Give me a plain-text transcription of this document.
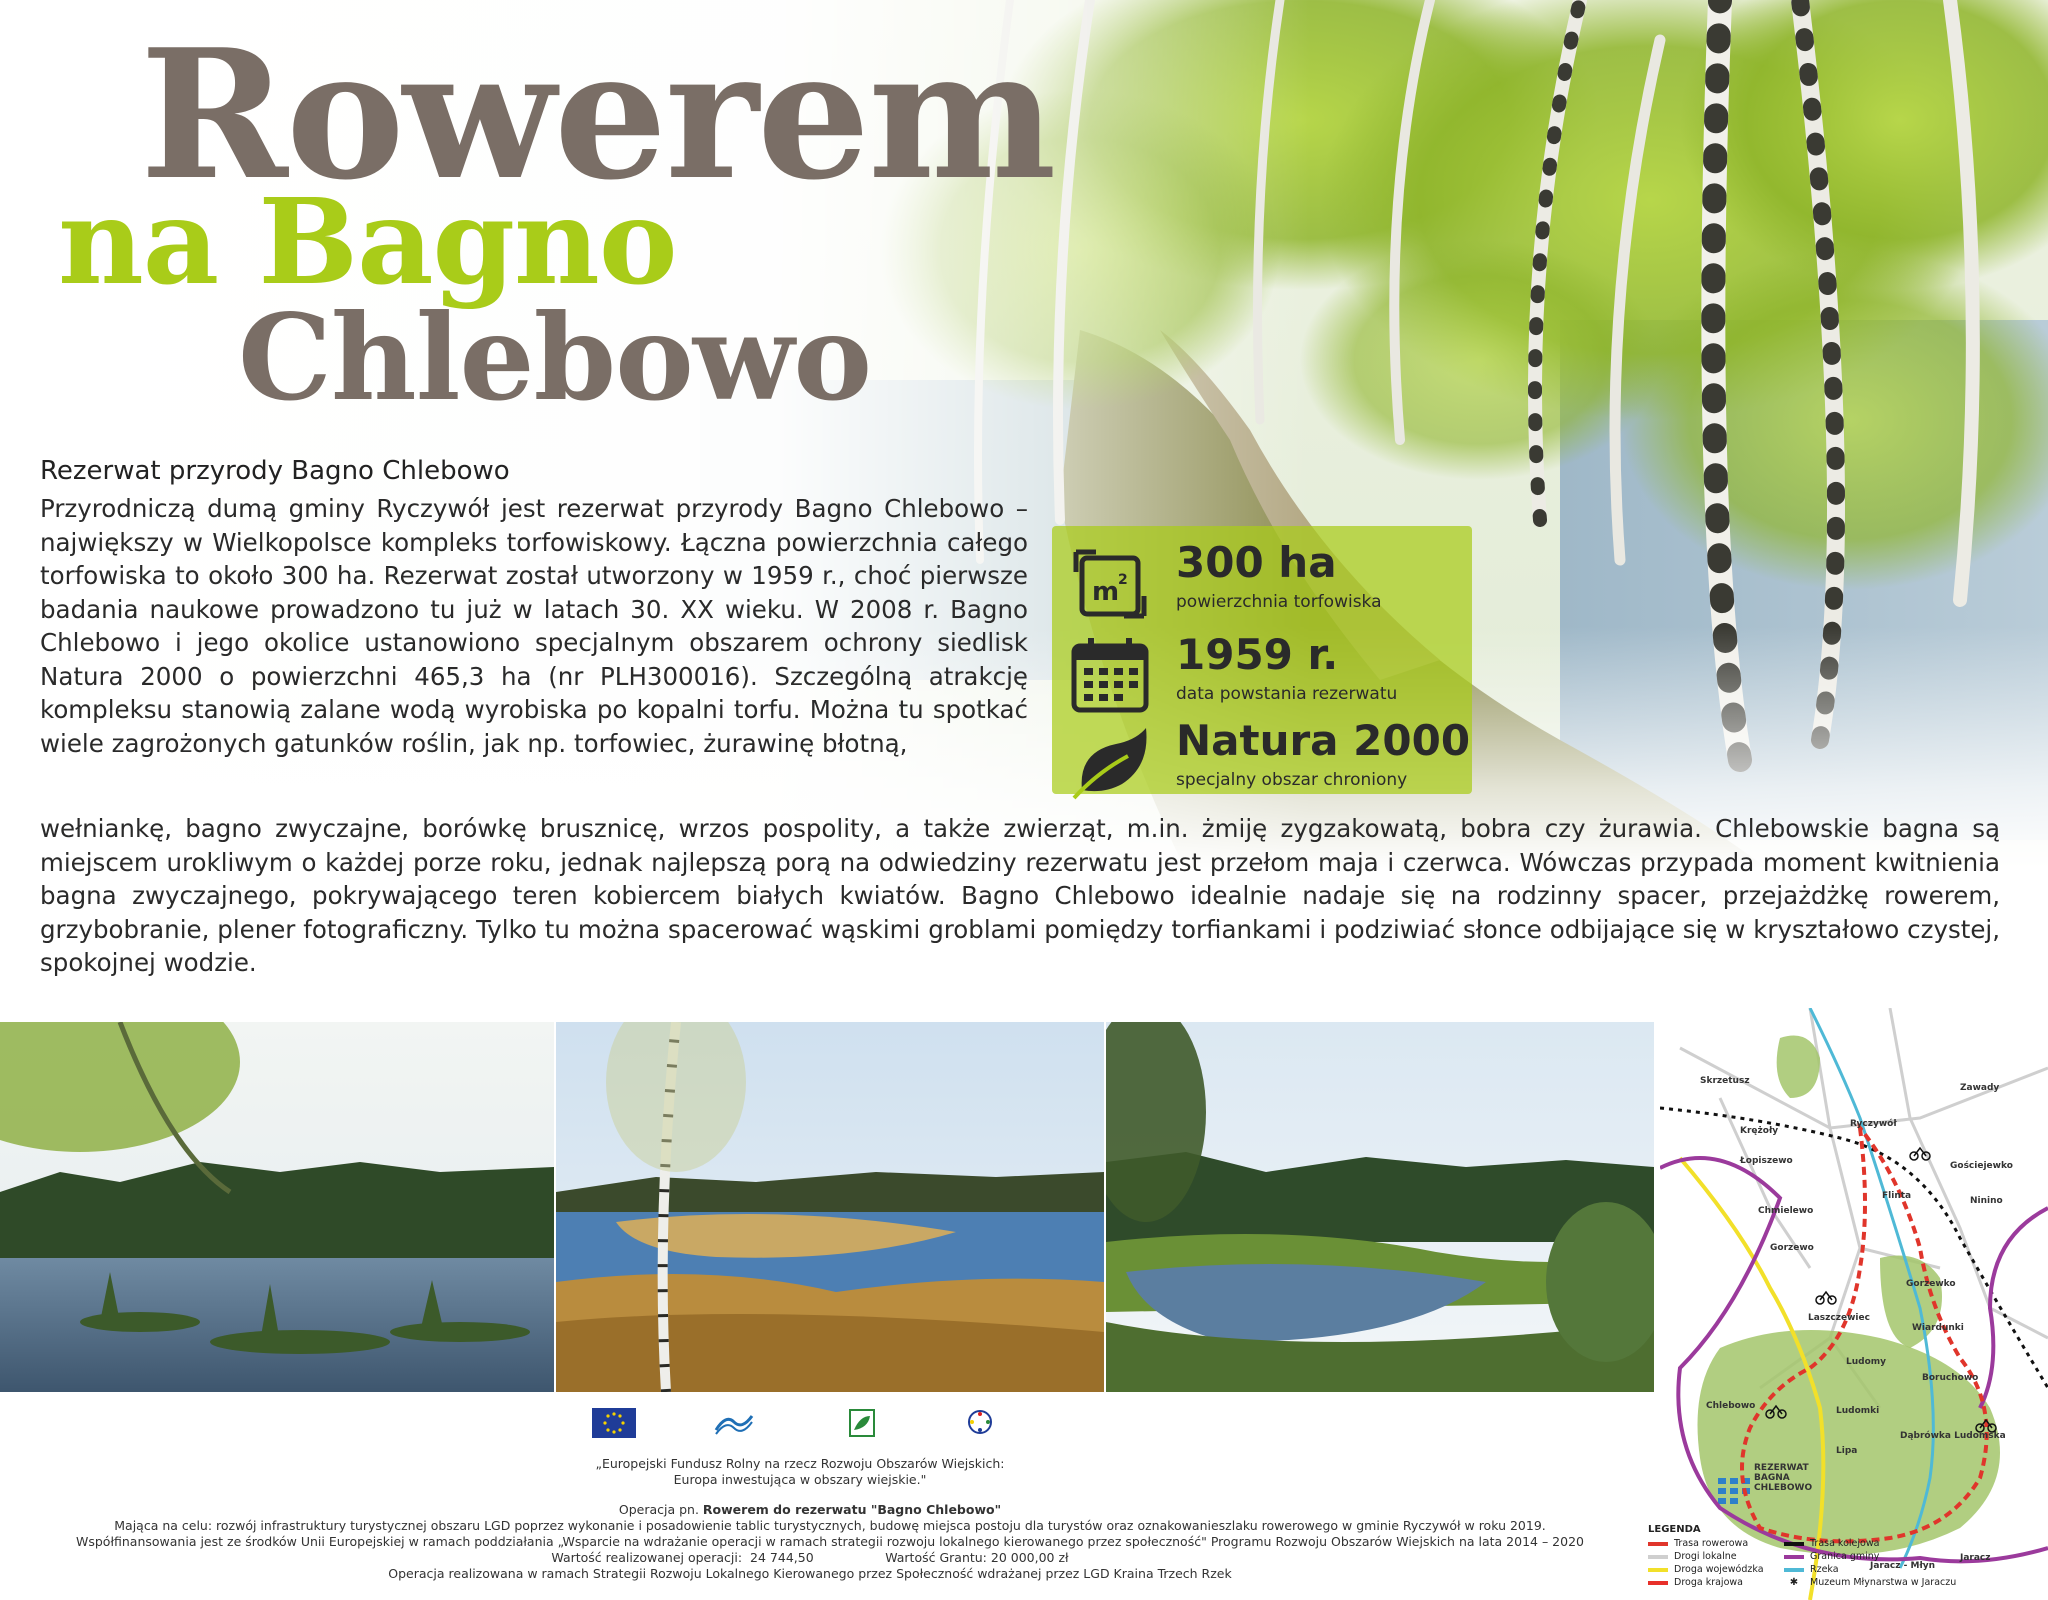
Rowerem
na Bagno
Chlebowo
Rezerwat przyrody Bagno Chlebowo
Przyrodniczą dumą gminy Ryczywół jest rezerwat przyrody Bagno Chlebowo – największy w Wielkopolsce kompleks torfowiskowy. Łączna powierzchnia całego torfowiska to około 300 ha. Rezerwat został utworzony w 1959 r., choć pierwsze badania naukowe prowadzono tu już w latach 30. XX wieku. W 2008 r. Bagno Chlebowo i jego okolice ustanowiono specjalnym obszarem ochrony siedlisk Natura 2000 o powierzchni 465,3 ha (nr PLH300016). Szczególną atrakcję kompleksu stanowią zalane wodą wyrobiska po kopalni torfu. Można tu spotkać wiele zagrożonych gatunków roślin, jak np. torfowiec, żurawinę błotną,
wełniankę, bagno zwyczajne, borówkę brusznicę, wrzos pospolity, a także zwierząt, m.in. żmiję zygzakowatą, bobra czy żurawia. Chlebowskie bagna są miejscem urokliwym o każdej porze roku, jednak najlepszą porą na odwiedziny rezerwatu jest przełom maja i czerwca. Wówczas przypada moment kwitnienia bagna zwyczajnego, pokrywającego teren kobiercem białych kwiatów. Bagno Chlebowo idealnie nadaje się na rodzinny spacer, przejażdżkę rowerem, grzybobranie, plener fotograficzny. Tylko tu można spacerować wąskimi groblami pomiędzy torfiankami i podziwiać słonce odbijające się w kryształowo czystej, spokojnej wodzie.
m
2 300 ha
powierzchnia torfowiska
1959 r.
data powstania rezerwatu
Natura 2000
specjalny obszar chroniony
Skrzetusz
Zawady
Krężoły
Ryczywół
Łopiszewo	Gościejewko
Chmielewo
Ninino
Gorzewo
Gorzewko
Laszczewiec
Wiardunki
Ludomy
Boruchowo
Chlebowo	Ludomki
Dąbrówka Ludomska
Lipa
Jaracz - Młyn
Jaracz
REZERWAT
BAGNA
CHLEBOWO
Flinta
LEGENDA
Trasa rowerowa
Drogi lokalne
Droga wojewódzka
Droga krajowa
Trasa kolejowa
Granica gminy
Rzeka
✱	Muzeum Młynarstwa w Jaraczu
„Europejski Fundusz Rolny na rzecz Rozwoju Obszarów Wiejskich:
Europa inwestująca w obszary wiejskie."
Operacja pn. Rowerem do rezerwatu "Bagno Chlebowo"
Mająca na celu: rozwój infrastruktury turystycznej obszaru LGD poprzez wykonanie i posadowienie tablic turystycznych, budowę miejsca postoju dla turystów oraz oznakowanieszlaku rowerowego w gminie Ryczywół w roku 2019.
Współfinansowania jest ze środków Unii Europejskiej w ramach poddziałania „Wsparcie na wdrażanie operacji w ramach strategii rozwoju lokalnego kierowanego przez społeczność" Programu Rozwoju Obszarów Wiejskich na lata 2014 – 2020
Wartość realizowanej operacji: 24 744,50	Wartość Grantu: 20 000,00 zł
Operacja realizowana w ramach Strategii Rozwoju Lokalnego Kierowanego przez Społeczność wdrażanej przez LGD Kraina Trzech Rzek
